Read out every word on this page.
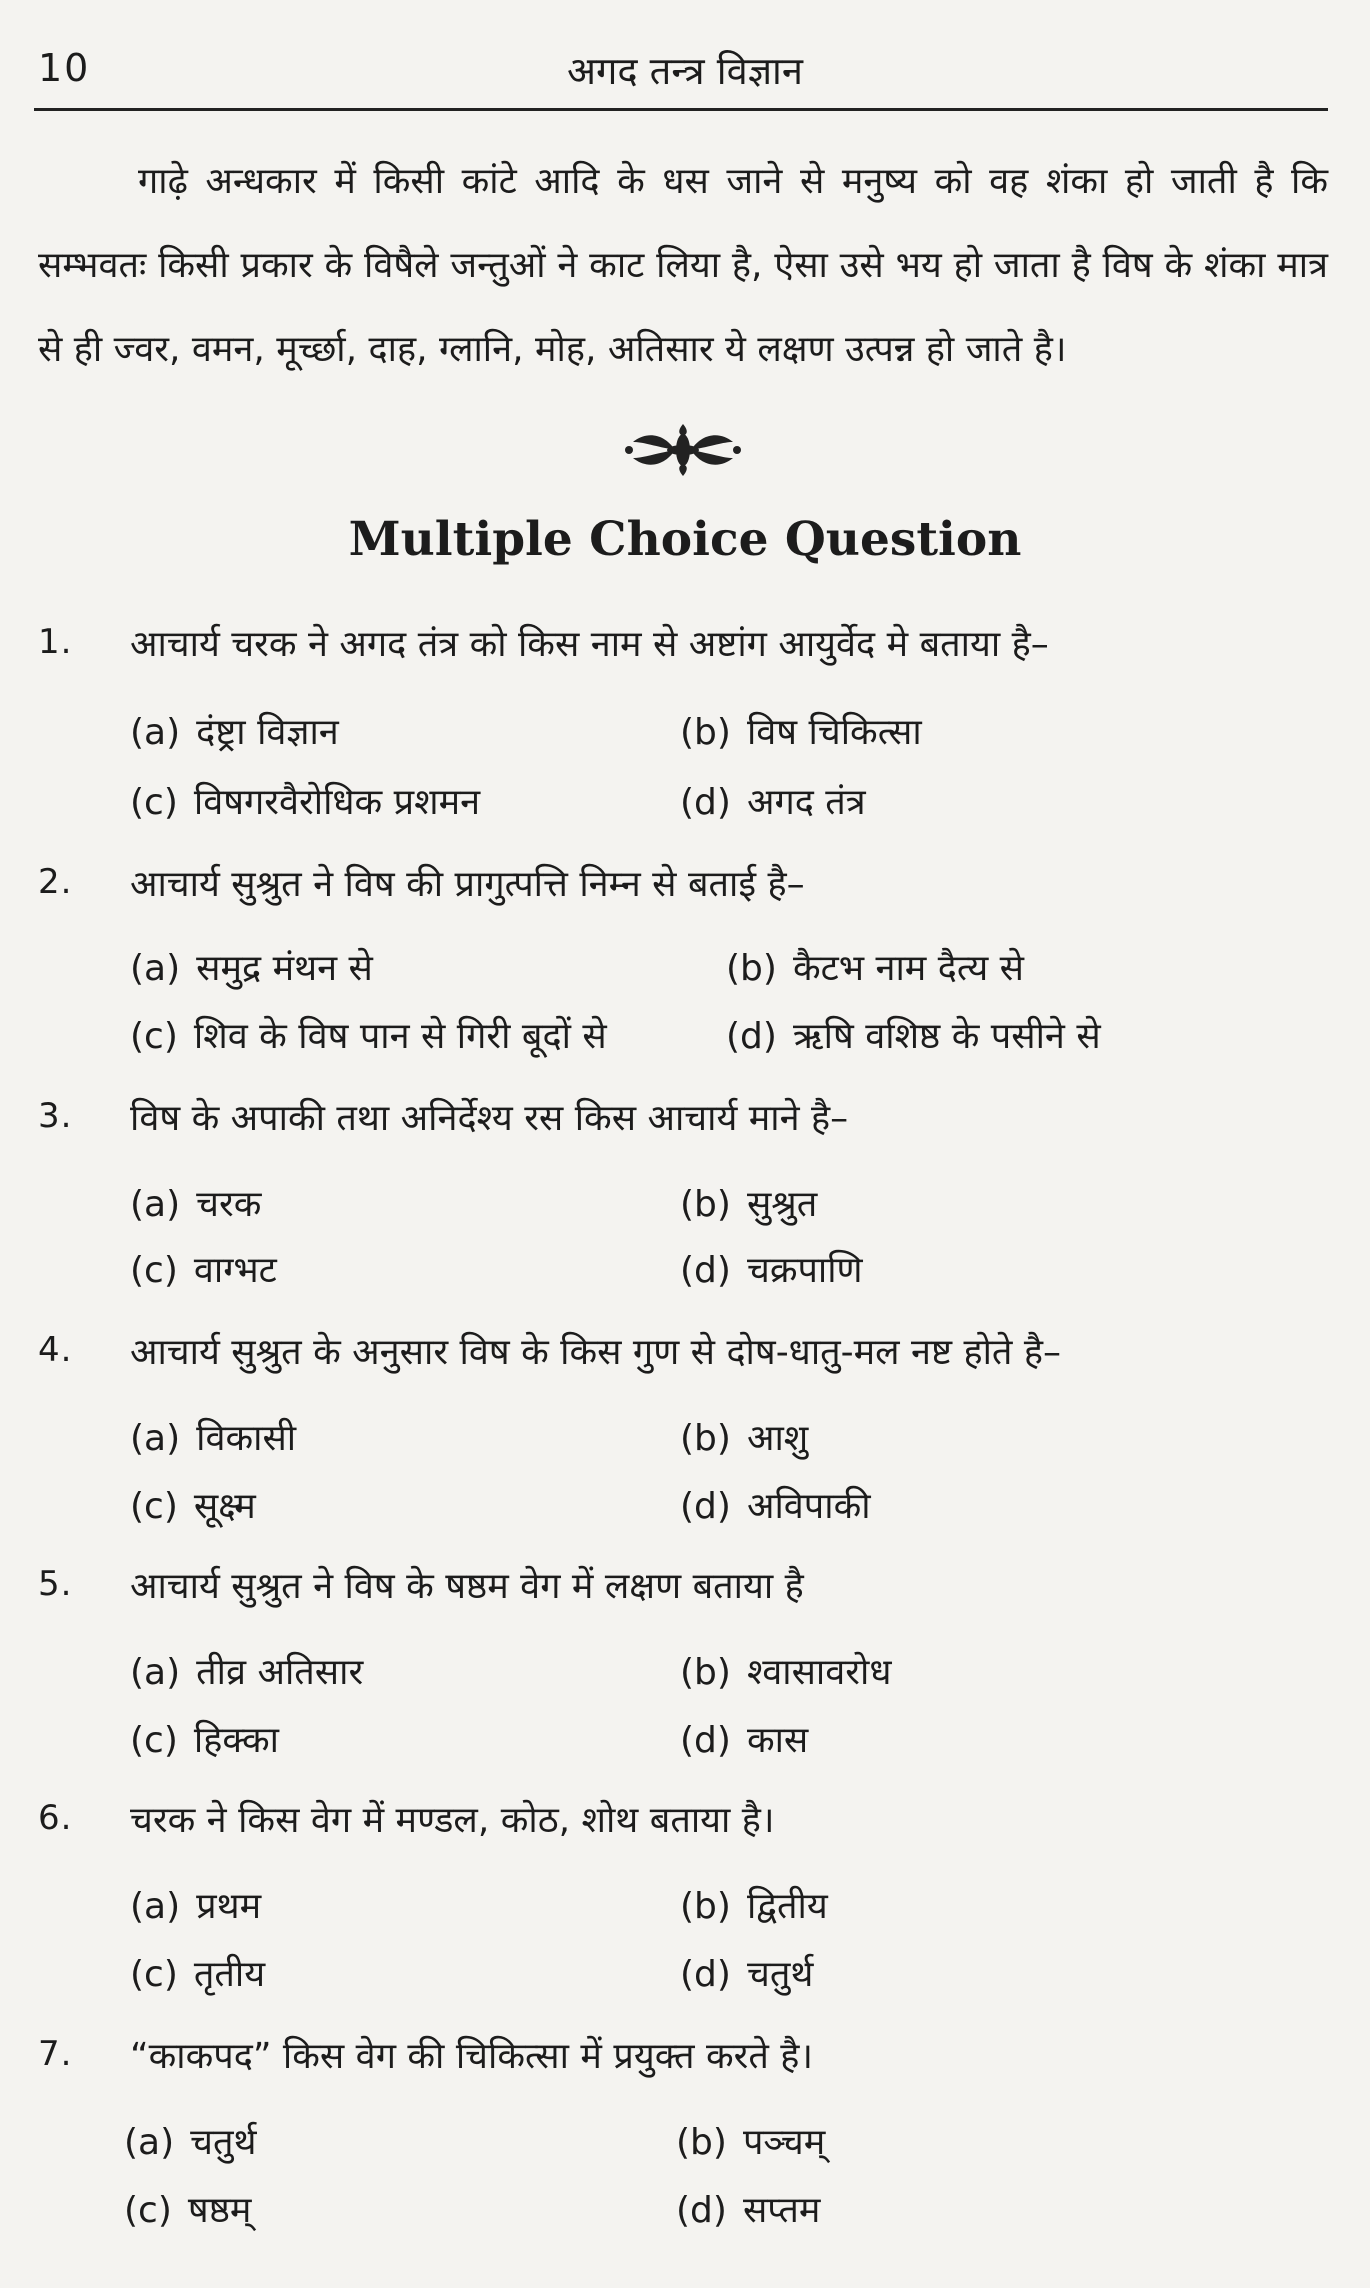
10	अगद तन्त्र विज्ञान

गाढ़े अन्धकार में किसी कांटे आदि के धस जाने से मनुष्य को वह शंका हो जाती है कि सम्भवतः किसी प्रकार के विषैले जन्तुओं ने काट लिया है, ऐसा उसे भय हो जाता है विष के शंका मात्र से ही ज्वर, वमन, मूर्च्छा, दाह, ग्लानि, मोह, अतिसार ये लक्षण उत्पन्न हो जाते है।

Multiple Choice Question
1.	आचार्य चरक ने अगद तंत्र को किस नाम से अष्टांग आयुर्वेद मे बताया है–
(a) दंष्ट्रा विज्ञान	(b) विष चिकित्सा
(c) विषगरवैरोधिक प्रशमन	(d) अगद तंत्र
2.	आचार्य सुश्रुत ने विष की प्रागुत्पत्ति निम्न से बताई है–
(a) समुद्र मंथन से	(b) कैटभ नाम दैत्य से
(c) शिव के विष पान से गिरी बूदों से	(d) ऋषि वशिष्ठ के पसीने से
3.	विष के अपाकी तथा अनिर्देश्य रस किस आचार्य माने है–
(a) चरक	(b) सुश्रुत
(c) वाग्भट	(d) चक्रपाणि
4.	आचार्य सुश्रुत के अनुसार विष के किस गुण से दोष-धातु-मल नष्ट होते है–
(a) विकासी	(b) आशु
(c) सूक्ष्म	(d) अविपाकी
5.	आचार्य सुश्रुत ने विष के षष्ठम वेग में लक्षण बताया है
(a) तीव्र अतिसार	(b) श्वासावरोध
(c) हिक्का	(d) कास
6.	चरक ने किस वेग में मण्डल, कोठ, शोथ बताया है।
(a) प्रथम	(b) द्वितीय
(c) तृतीय	(d) चतुर्थ
7.	“काकपद” किस वेग की चिकित्सा में प्रयुक्त करते है।
(a) चतुर्थ	(b) पञ्चम्
(c) षष्ठम्	(d) सप्तम
